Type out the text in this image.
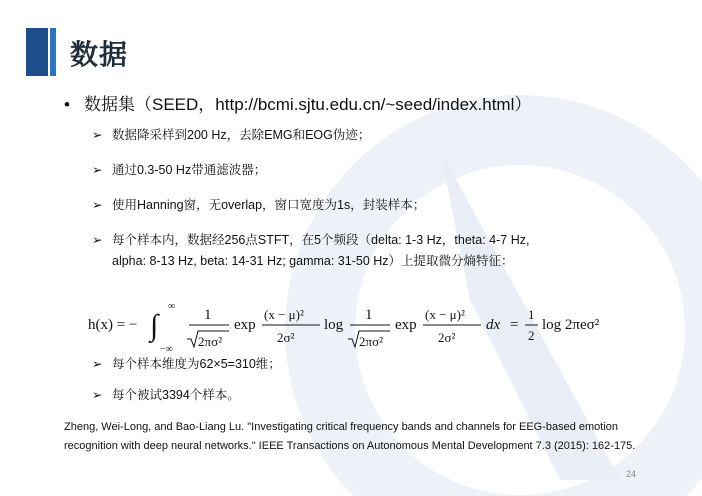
数据
• 数据集（SEED，http://bcmi.sjtu.edu.cn/~seed/index.html）
➢ 数据降采样到200 Hz，去除EMG和EOG伪迹；
➢ 通过0.3-50 Hz带通滤波器；
➢ 使用Hanning窗，无overlap，窗口宽度为1s，封装样本；
➢ 每个样本内，数据经256点STFT，在5个频段（delta: 1-3 Hz，theta: 4-7 Hz,
alpha: 8-13 Hz, beta: 14-31 Hz; gamma: 31-50 Hz）上提取微分熵特征：
h(x) = − ∫
∞
−∞
1
2πσ²
exp
(x − μ)²
2σ²
log
1
2πσ²
exp
(x − μ)²
2σ²
dx =
1
2
log 2πeσ²
➢ 每个样本维度为62×5=310维；
➢ 每个被试3394个样本。
Zheng, Wei-Long, and Bao-Liang Lu. "Investigating critical frequency bands and channels for EEG-based emotion recognition with deep neural networks." IEEE Transactions on Autonomous Mental Development 7.3 (2015): 162-175.
24
